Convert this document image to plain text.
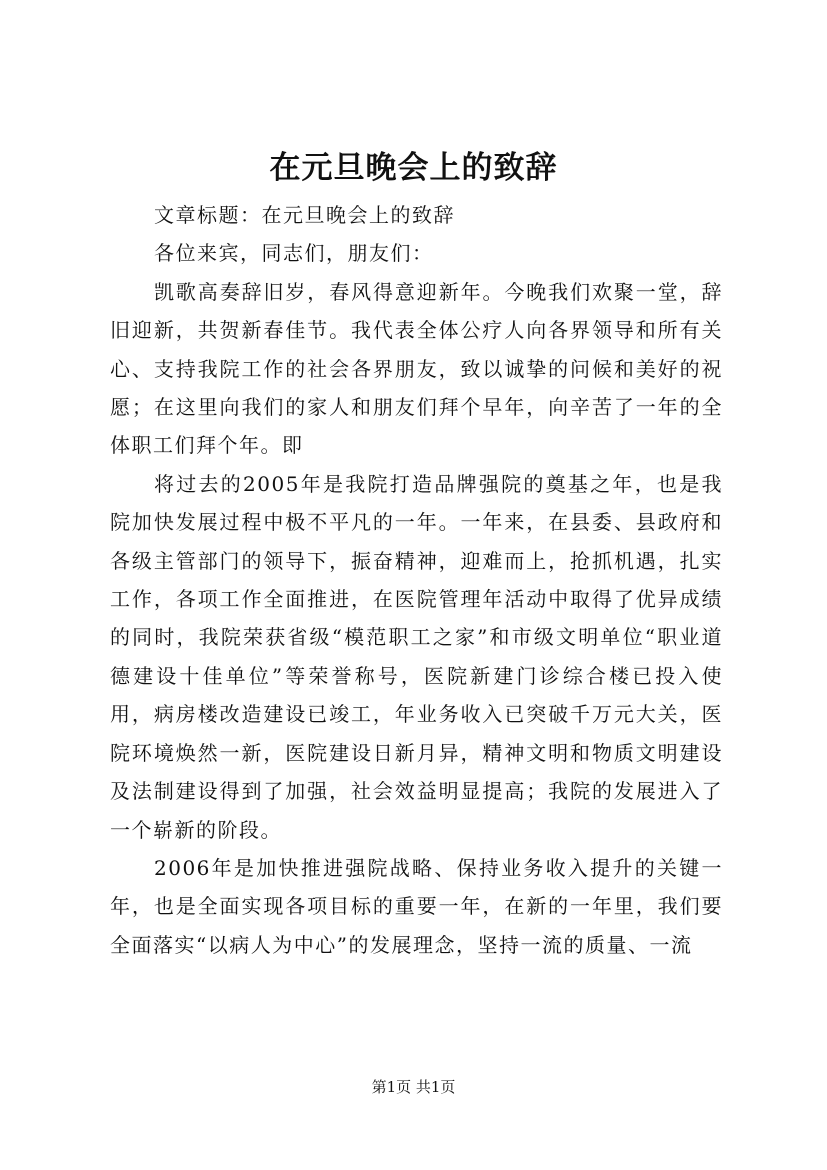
在元旦晚会上的致辞

文章标题：在元旦晚会上的致辞

各位来宾，同志们，朋友们：

凯歌高奏辞旧岁，春风得意迎新年。今晚我们欢聚一堂，辞旧迎新，共贺新春佳节。我代表全体公疗人向各界领导和所有关心、支持我院工作的社会各界朋友，致以诚挚的问候和美好的祝愿；在这里向我们的家人和朋友们拜个早年，向辛苦了一年的全体职工们拜个年。即

将过去的2005年是我院打造品牌强院的奠基之年，也是我院加快发展过程中极不平凡的一年。一年来，在县委、县政府和各级主管部门的领导下，振奋精神，迎难而上，抢抓机遇，扎实工作，各项工作全面推进，在医院管理年活动中取得了优异成绩的同时，我院荣获省级“模范职工之家”和市级文明单位“职业道德建设十佳单位”等荣誉称号，医院新建门诊综合楼已投入使用，病房楼改造建设已竣工，年业务收入已突破千万元大关，医院环境焕然一新，医院建设日新月异，精神文明和物质文明建设及法制建设得到了加强，社会效益明显提高；我院的发展进入了一个崭新的阶段。

2006年是加快推进强院战略、保持业务收入提升的关键一年，也是全面实现各项目标的重要一年，在新的一年里，我们要全面落实“以病人为中心”的发展理念，坚持一流的质量、一流

第1页 共1页
